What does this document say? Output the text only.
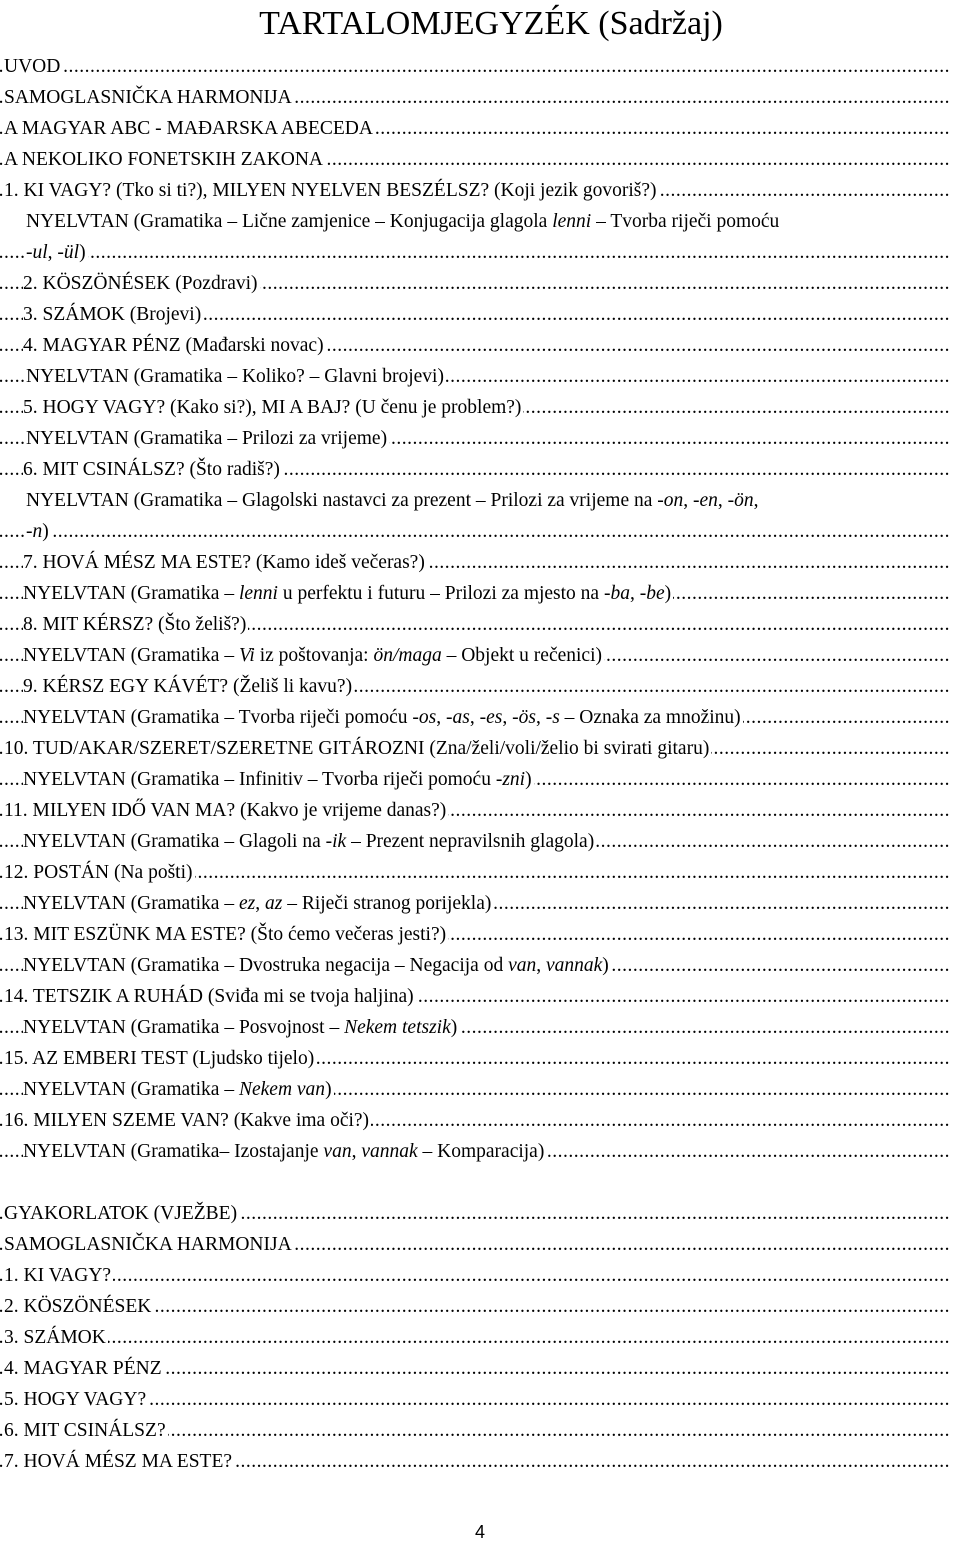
TARTALOMJEGYZÉK (Sadržaj)
UVOD .....
SAMOGLASNIČKA HARMONIJA .....
A MAGYAR ABC - MAĐARSKA ABECEDA .....
A NEKOLIKO FONETSKIH ZAKONA .....
1. KI VAGY? (Tko si ti?), MILYEN NYELVEN BESZÉLSZ? (Koji jezik govoriš?) .....
NYELVTAN (Gramatika – Lične zamjenice – Konjugacija glagola lenni – Tvorba riječi pomoću
-ul, -ül) .....
2. KÖSZÖNÉSEK (Pozdravi) .....
3. SZÁMOK (Brojevi) .....
4. MAGYAR PÉNZ (Mađarski novac) .....
NYELVTAN (Gramatika – Koliko? – Glavni brojevi) .....
5. HOGY VAGY? (Kako si?), MI A BAJ? (U čenu je problem?) .....
NYELVTAN (Gramatika – Prilozi za vrijeme) .....
6. MIT CSINÁLSZ? (Što radiš?) .....
NYELVTAN (Gramatika – Glagolski nastavci za prezent – Prilozi za vrijeme na -on, -en, -ön,
-n) .....
7. HOVÁ MÉSZ MA ESTE? (Kamo ideš večeras?) .....
NYELVTAN (Gramatika – lenni u perfektu i futuru – Prilozi za mjesto na -ba, -be) .....
8. MIT KÉRSZ? (Što želiš?) .....
NYELVTAN (Gramatika – Vi iz poštovanja: ön/maga – Objekt u rečenici) .....
9. KÉRSZ EGY KÁVÉT? (Želiš li kavu?) .....
NYELVTAN (Gramatika – Tvorba riječi pomoću -os, -as, -es, -ös, -s – Oznaka za množinu) .....
10. TUD/AKAR/SZERET/SZERETNE GITÁROZNI (Zna/želi/voli/želio bi svirati gitaru) .....
NYELVTAN (Gramatika – Infinitiv – Tvorba riječi pomoću -zni) .....
11. MILYEN IDŐ VAN MA? (Kakvo je vrijeme danas?) .....
NYELVTAN (Gramatika – Glagoli na -ik – Prezent nepravilsnih glagola) .....
12. POSTÁN (Na pošti) .....
NYELVTAN (Gramatika – ez, az – Riječi stranog porijekla) .....
13. MIT ESZÜNK MA ESTE? (Što ćemo večeras jesti?) .....
NYELVTAN (Gramatika – Dvostruka negacija – Negacija od van, vannak) .....
14. TETSZIK A RUHÁD (Sviđa mi se tvoja haljina) .....
NYELVTAN (Gramatika – Posvojnost – Nekem tetszik) .....
15. AZ EMBERI TEST (Ljudsko tijelo) .....
NYELVTAN (Gramatika – Nekem van) .....
16. MILYEN SZEME VAN? (Kakve ima oči?) .....
NYELVTAN (Gramatika– Izostajanje van, vannak – Komparacija) .....
GYAKORLATOK (VJEŽBE) .....
SAMOGLASNIČKA HARMONIJA .....
1. KI VAGY? .....
2. KÖSZÖNÉSEK .....
3. SZÁMOK .....
4. MAGYAR PÉNZ .....
5. HOGY VAGY? .....
6. MIT CSINÁLSZ? .....
7. HOVÁ MÉSZ MA ESTE? .....
4
